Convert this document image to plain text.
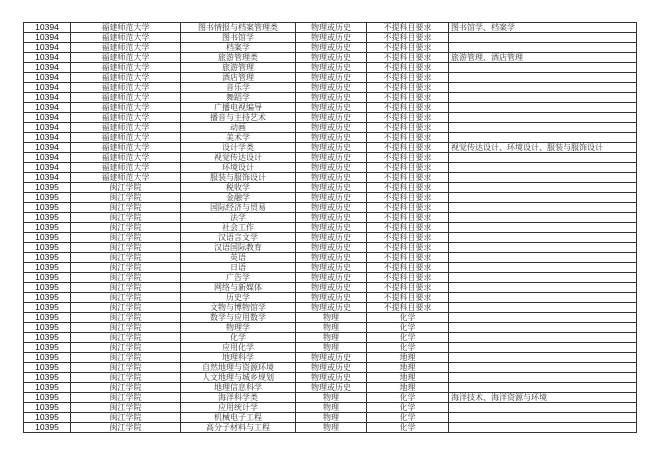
10394	福建师范大学	图书情报与档案管理类	物理或历史	不提科目要求	图书馆学、档案学
10394	福建师范大学	图书馆学	物理或历史	不提科目要求	
10394	福建师范大学	档案学	物理或历史	不提科目要求	
10394	福建师范大学	旅游管理类	物理或历史	不提科目要求	旅游管理、酒店管理
10394	福建师范大学	旅游管理	物理或历史	不提科目要求	
10394	福建师范大学	酒店管理	物理或历史	不提科目要求	
10394	福建师范大学	音乐学	物理或历史	不提科目要求	
10394	福建师范大学	舞蹈学	物理或历史	不提科目要求	
10394	福建师范大学	广播电视编导	物理或历史	不提科目要求	
10394	福建师范大学	播音与主持艺术	物理或历史	不提科目要求	
10394	福建师范大学	动画	物理或历史	不提科目要求	
10394	福建师范大学	美术学	物理或历史	不提科目要求	
10394	福建师范大学	设计学类	物理或历史	不提科目要求	视觉传达设计、环境设计、服装与服饰设计
10394	福建师范大学	视觉传达设计	物理或历史	不提科目要求	
10394	福建师范大学	环境设计	物理或历史	不提科目要求	
10394	福建师范大学	服装与服饰设计	物理或历史	不提科目要求	
10395	闽江学院	税收学	物理或历史	不提科目要求	
10395	闽江学院	金融学	物理或历史	不提科目要求	
10395	闽江学院	国际经济与贸易	物理或历史	不提科目要求	
10395	闽江学院	法学	物理或历史	不提科目要求	
10395	闽江学院	社会工作	物理或历史	不提科目要求	
10395	闽江学院	汉语言文学	物理或历史	不提科目要求	
10395	闽江学院	汉语国际教育	物理或历史	不提科目要求	
10395	闽江学院	英语	物理或历史	不提科目要求	
10395	闽江学院	日语	物理或历史	不提科目要求	
10395	闽江学院	广告学	物理或历史	不提科目要求	
10395	闽江学院	网络与新媒体	物理或历史	不提科目要求	
10395	闽江学院	历史学	物理或历史	不提科目要求	
10395	闽江学院	文物与博物馆学	物理或历史	不提科目要求	
10395	闽江学院	数学与应用数学	物理	化学	
10395	闽江学院	物理学	物理	化学	
10395	闽江学院	化学	物理	化学	
10395	闽江学院	应用化学	物理	化学	
10395	闽江学院	地理科学	物理或历史	地理	
10395	闽江学院	自然地理与资源环境	物理或历史	地理	
10395	闽江学院	人文地理与城乡规划	物理或历史	地理	
10395	闽江学院	地理信息科学	物理或历史	地理	
10395	闽江学院	海洋科学类	物理	化学	海洋技术、海洋资源与环境
10395	闽江学院	应用统计学	物理	化学	
10395	闽江学院	机械电子工程	物理	化学	
10395	闽江学院	高分子材料与工程	物理	化学	
